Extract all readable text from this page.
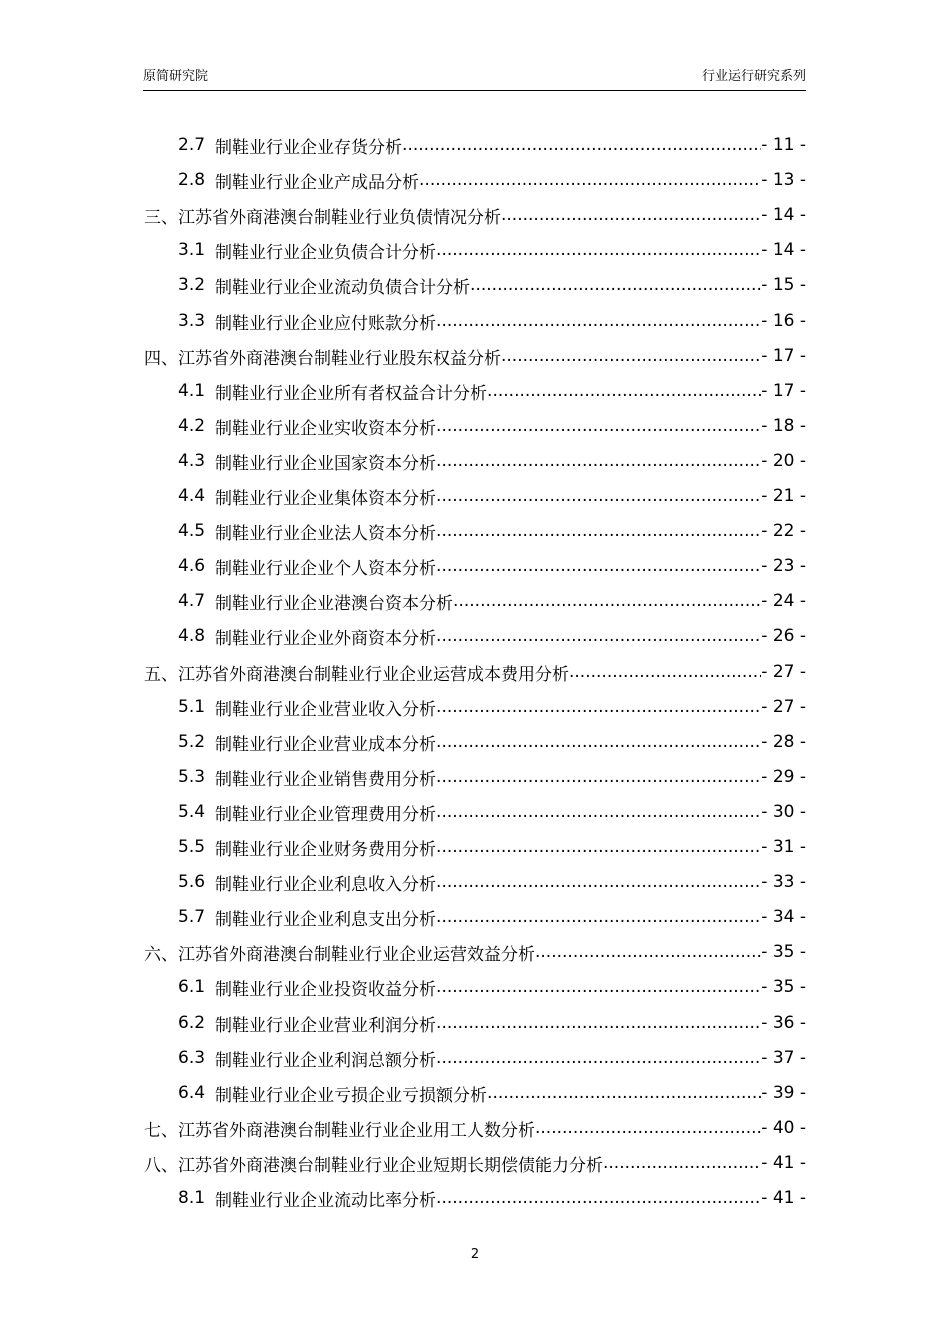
原简研究院	行业运行研究系列
2.7 制鞋业行业企业存货分析 .....	- 11 -
2.8 制鞋业行业企业产成品分析 .....	- 13 -
三、江苏省外商港澳台制鞋业行业负债情况分析 .....	- 14 -
3.1 制鞋业行业企业负债合计分析 .....	- 14 -
3.2 制鞋业行业企业流动负债合计分析 .....	- 15 -
3.3 制鞋业行业企业应付账款分析 .....	- 16 -
四、江苏省外商港澳台制鞋业行业股东权益分析 .....	- 17 -
4.1 制鞋业行业企业所有者权益合计分析 .....	- 17 -
4.2 制鞋业行业企业实收资本分析 .....	- 18 -
4.3 制鞋业行业企业国家资本分析 .....	- 20 -
4.4 制鞋业行业企业集体资本分析 .....	- 21 -
4.5 制鞋业行业企业法人资本分析 .....	- 22 -
4.6 制鞋业行业企业个人资本分析 .....	- 23 -
4.7 制鞋业行业企业港澳台资本分析 .....	- 24 -
4.8 制鞋业行业企业外商资本分析 .....	- 26 -
五、江苏省外商港澳台制鞋业行业企业运营成本费用分析 .....	- 27 -
5.1 制鞋业行业企业营业收入分析 .....	- 27 -
5.2 制鞋业行业企业营业成本分析 .....	- 28 -
5.3 制鞋业行业企业销售费用分析 .....	- 29 -
5.4 制鞋业行业企业管理费用分析 .....	- 30 -
5.5 制鞋业行业企业财务费用分析 .....	- 31 -
5.6 制鞋业行业企业利息收入分析 .....	- 33 -
5.7 制鞋业行业企业利息支出分析 .....	- 34 -
六、江苏省外商港澳台制鞋业行业企业运营效益分析 .....	- 35 -
6.1 制鞋业行业企业投资收益分析 .....	- 35 -
6.2 制鞋业行业企业营业利润分析 .....	- 36 -
6.3 制鞋业行业企业利润总额分析 .....	- 37 -
6.4 制鞋业行业企业亏损企业亏损额分析 .....	- 39 -
七、江苏省外商港澳台制鞋业行业企业用工人数分析 .....	- 40 -
八、江苏省外商港澳台制鞋业行业企业短期长期偿债能力分析 .....	- 41 -
8.1 制鞋业行业企业流动比率分析 .....	- 41 -
2
